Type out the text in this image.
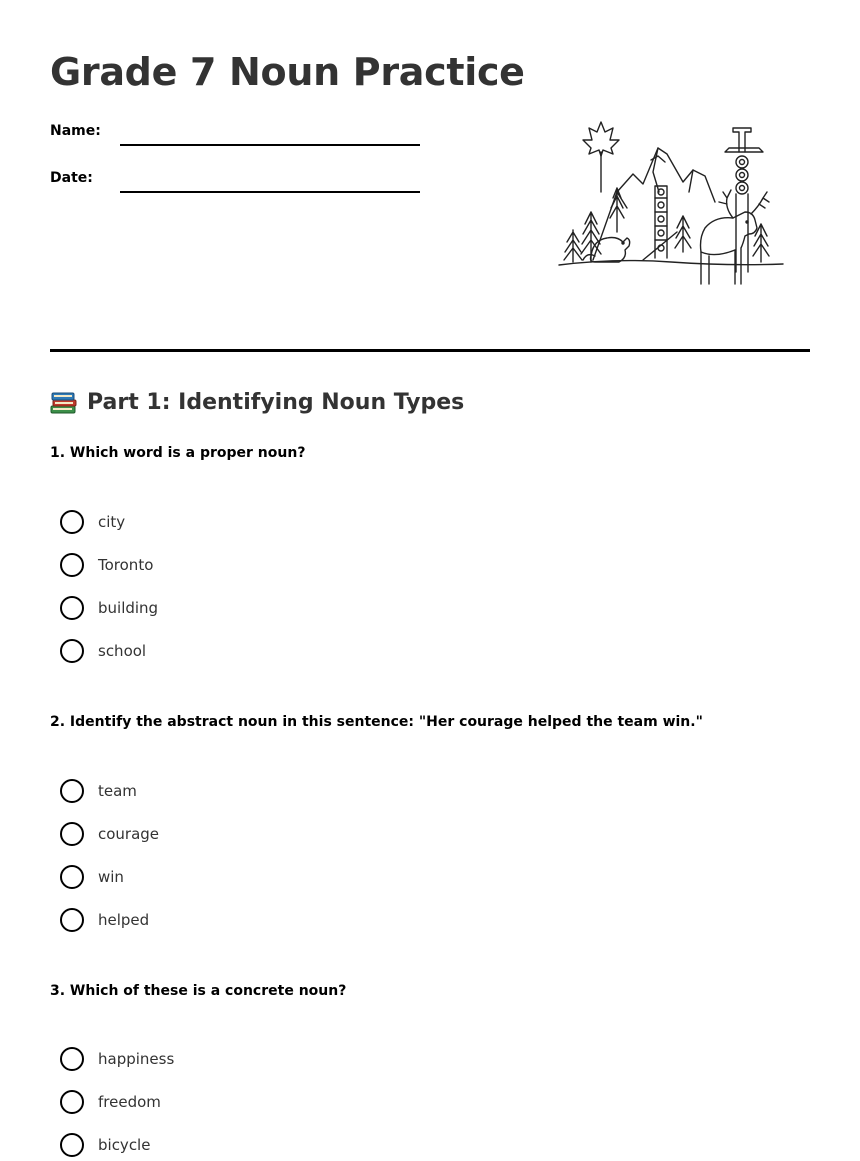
Grade 7 Noun Practice
Name:
Date:
Part 1: Identifying Noun Types
1. Which word is a proper noun?
city
Toronto
building
school
2. Identify the abstract noun in this sentence: "Her courage helped the team win."
team
courage
win
helped
3. Which of these is a concrete noun?
happiness
freedom
bicycle
